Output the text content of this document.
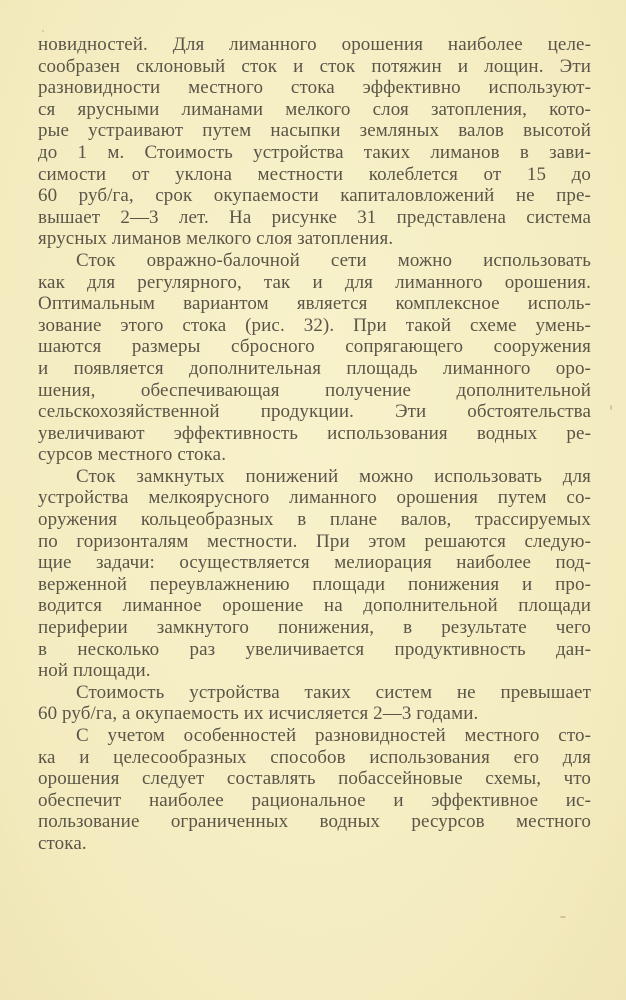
новидностей. Для лиманного орошения наиболее целе-
сообразен склоновый сток и сток потяжин и лощин. Эти
разновидности местного стока эффективно используют-
ся ярусными лиманами мелкого слоя затопления, кото-
рые устраивают путем насыпки земляных валов высотой
до 1 м. Стоимость устройства таких лиманов в зави-
симости от уклона местности колеблется от 15 до
60 руб/га, срок окупаемости капиталовложений не пре-
вышает 2—3 лет. На рисунке 31 представлена система
ярусных лиманов мелкого слоя затопления.
Сток овражно-балочной сети можно использовать
как для регулярного, так и для лиманного орошения.
Оптимальным вариантом является комплексное исполь-
зование этого стока (рис. 32). При такой схеме умень-
шаются размеры сбросного сопрягающего сооружения
и появляется дополнительная площадь лиманного оро-
шения, обеспечивающая получение дополнительной
сельскохозяйственной продукции. Эти обстоятельства
увеличивают эффективность использования водных ре-
сурсов местного стока.
Сток замкнутых понижений можно использовать для
устройства мелкоярусного лиманного орошения путем со-
оружения кольцеобразных в плане валов, трассируемых
по горизонталям местности. При этом решаются следую-
щие задачи: осуществляется мелиорация наиболее под-
верженной переувлажнению площади понижения и про-
водится лиманное орошение на дополнительной площади
периферии замкнутого понижения, в результате чего
в несколько раз увеличивается продуктивность дан-
ной площади.
Стоимость устройства таких систем не превышает
60 руб/га, а окупаемость их исчисляется 2—3 годами.
С учетом особенностей разновидностей местного сто-
ка и целесообразных способов использования его для
орошения следует составлять побассейновые схемы, что
обеспечит наиболее рациональное и эффективное ис-
пользование ограниченных водных ресурсов местного
стока.
